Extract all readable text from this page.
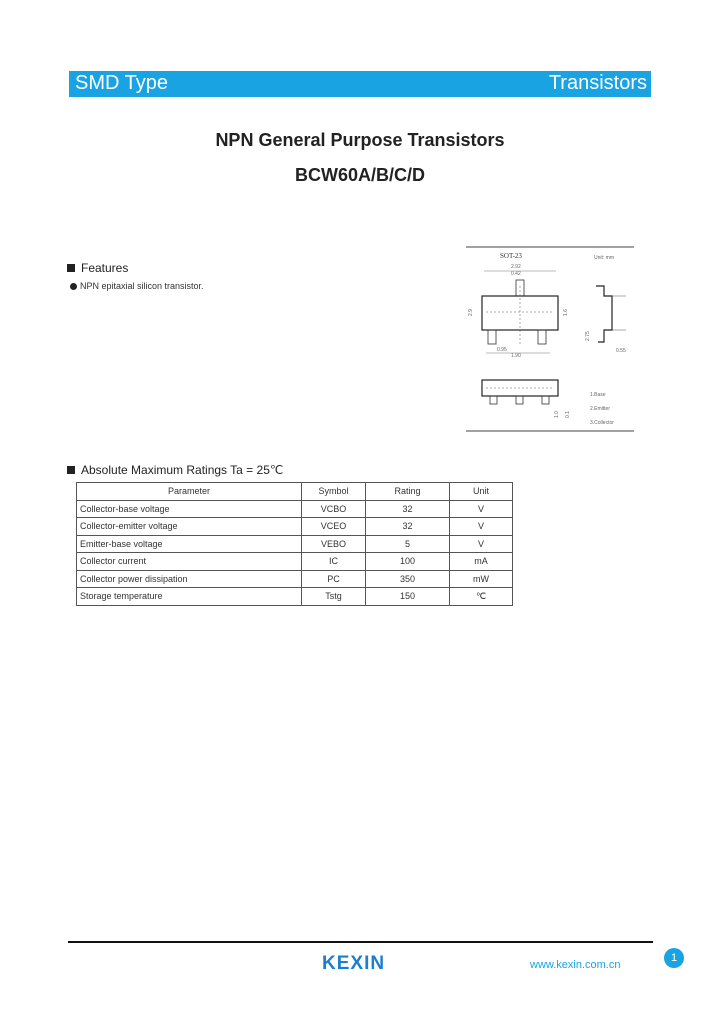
SMD Type	Transistors
NPN General Purpose Transistors
BCW60A/B/C/D
Features
NPN epitaxial silicon transistor.
SOT-23	Unit: mm
2.92
0.42
2.9	1.6
0.95
1.90
2.75
0.55
1.0 0.1
1.Base
2.Emitter
3.Collector
Absolute Maximum Ratings Ta = 25℃
Parameter	Symbol	Rating	Unit
Collector-base voltage	VCBO	32	V
Collector-emitter voltage	VCEO	32	V
Emitter-base voltage	VEBO	5	V
Collector current	IC	100	mA
Collector power dissipation	PC	350	mW
Storage temperature	Tstg	150	℃
KEXIN	www.kexin.com.cn
1
